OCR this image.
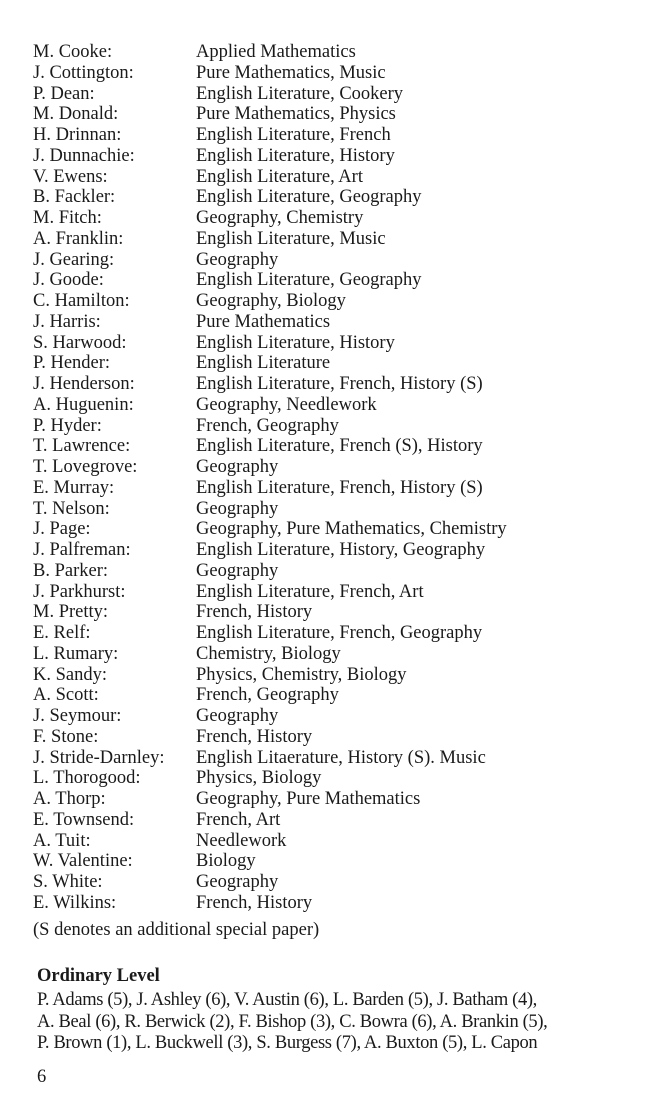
M. Cooke:	Applied Mathematics
J. Cottington:	Pure Mathematics, Music
P. Dean:	English Literature, Cookery
M. Donald:	Pure Mathematics, Physics
H. Drinnan:	English Literature, French
J. Dunnachie:	English Literature, History
V. Ewens:	English Literature, Art
B. Fackler:	English Literature, Geography
M. Fitch:	Geography, Chemistry
A. Franklin:	English Literature, Music
J. Gearing:	Geography
J. Goode:	English Literature, Geography
C. Hamilton:	Geography, Biology
J. Harris:	Pure Mathematics
S. Harwood:	English Literature, History
P. Hender:	English Literature
J. Henderson:	English Literature, French, History (S)
A. Huguenin:	Geography, Needlework
P. Hyder:	French, Geography
T. Lawrence:	English Literature, French (S), History
T. Lovegrove:	Geography
E. Murray:	English Literature, French, History (S)
T. Nelson:	Geography
J. Page:	Geography, Pure Mathematics, Chemistry
J. Palfreman:	English Literature, History, Geography
B. Parker:	Geography
J. Parkhurst:	English Literature, French, Art
M. Pretty:	French, History
E. Relf:	English Literature, French, Geography
L. Rumary:	Chemistry, Biology
K. Sandy:	Physics, Chemistry, Biology
A. Scott:	French, Geography
J. Seymour:	Geography
F. Stone:	French, History
J. Stride-Darnley:	English Litaerature, History (S). Music
L. Thorogood:	Physics, Biology
A. Thorp:	Geography, Pure Mathematics
E. Townsend:	French, Art
A. Tuit:	Needlework
W. Valentine:	Biology
S. White:	Geography
E. Wilkins:	French, History
(S denotes an additional special paper)
Ordinary Level
P. Adams (5), J. Ashley (6), V. Austin (6), L. Barden (5), J. Batham (4),
A. Beal (6), R. Berwick (2), F. Bishop (3), C. Bowra (6), A. Brankin (5),
P. Brown (1), L. Buckwell (3), S. Burgess (7), A. Buxton (5), L. Capon
6
